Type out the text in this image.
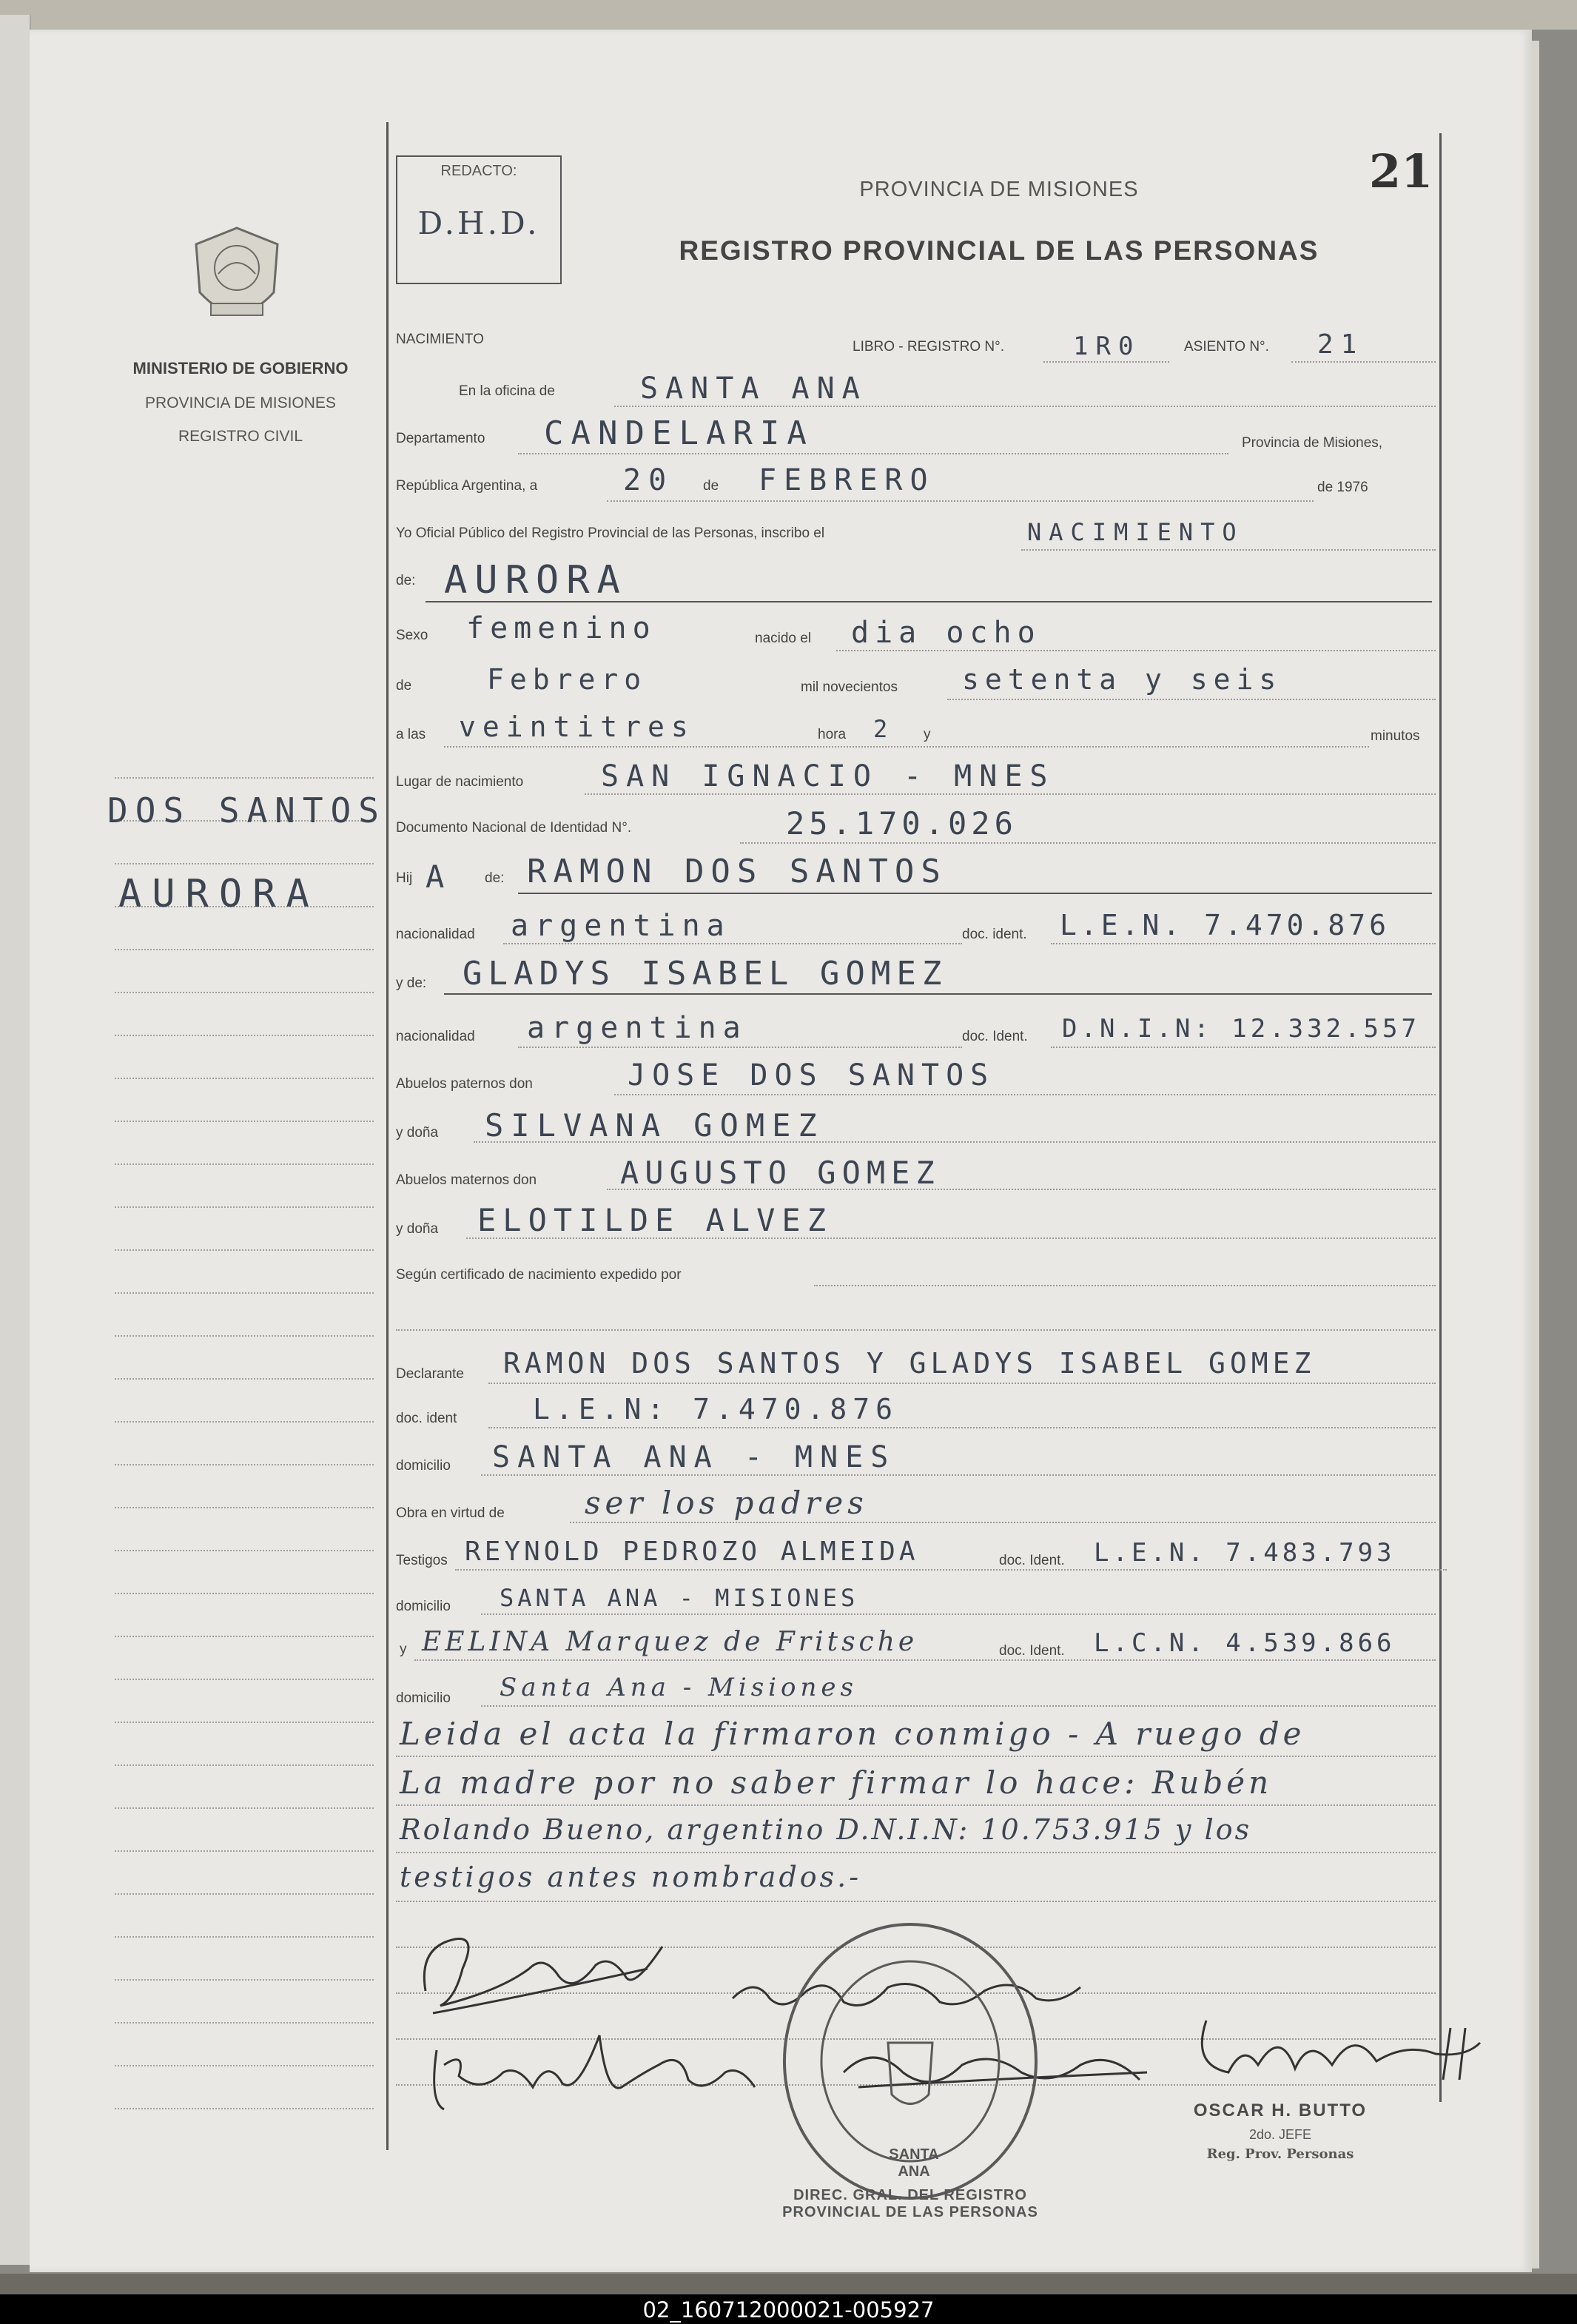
02_160712000021-005927
MINISTERIO DE GOBIERNO
PROVINCIA DE MISIONES
REGISTRO CIVIL
DOS SANTOS
AURORA
REDACTO:
D.H.D.
21
PROVINCIA DE MISIONES
REGISTRO PROVINCIAL DE LAS PERSONAS
NACIMIENTO	LIBRO - REGISTRO N°.	1R0	ASIENTO N°. 21
En la oficina de	SANTA ANA
Departamento CANDELARIA	Provincia de Misiones,
República Argentina, a	20 de FEBRERO	de 1976
Yo Oficial Público del Registro Provincial de las Personas, inscribo el	NACIMIENTO
de: AURORA
Sexo femenino	nacido el dia ocho
de	Febrero	mil novecientos setenta y seis
a las veintitres	hora 2 y	minutos
Lugar de nacimiento	SAN IGNACIO - MNES
Documento Nacional de Identidad N°.	25.170.026
Hij A de: RAMON DOS SANTOS
nacionalidad argentina	doc. ident. L.E.N. 7.470.876
y de: GLADYS ISABEL GOMEZ
nacionalidad argentina	doc. Ident. D.N.I.N: 12.332.557
Abuelos paternos don	JOSE DOS SANTOS
y doña SILVANA GOMEZ
Abuelos maternos don	AUGUSTO GOMEZ
y doña ELOTILDE ALVEZ
Según certificado de nacimiento expedido por
Declarante RAMON DOS SANTOS Y GLADYS ISABEL GOMEZ
doc. ident	L.E.N: 7.470.876
domicilio SANTA ANA - MNES
Obra en virtud de	ser los padres
Testigos REYNOLD PEDROZO ALMEIDA	doc. Ident. L.E.N. 7.483.793
domicilio SANTA ANA - MISIONES
y EELINA Marquez de Fritsche	doc. Ident. L.C.N. 4.539.866
domicilio Santa Ana - Misiones
Leida el acta la firmaron conmigo - A ruego de
La madre por no saber firmar lo hace: Rubén
Rolando Bueno, argentino D.N.I.N: 10.753.915 y los
testigos antes nombrados.-
DIREC. GRAL. DEL REGISTRO PROVINCIAL DE LAS PERSONAS
SANTA ANA
OSCAR H. BUTTO
2do. JEFE
Reg. Prov. Personas
